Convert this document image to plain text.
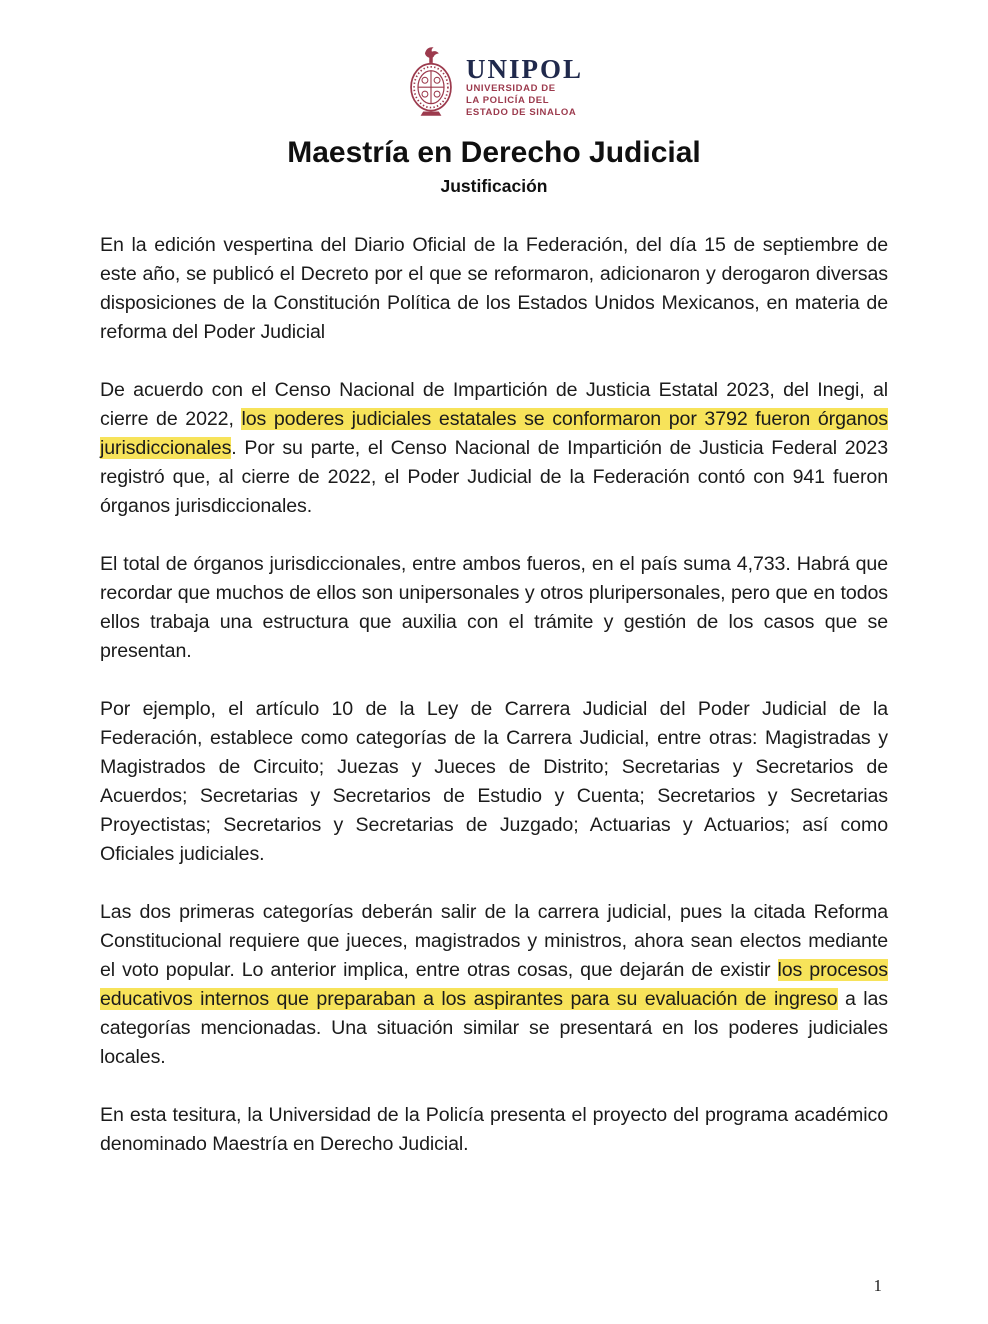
UNIPOL
UNIVERSIDAD DE
LA POLICÍA DEL
ESTADO DE SINALOA
Maestría en Derecho Judicial
Justificación

En la edición vespertina del Diario Oficial de la Federación, del día 15 de septiembre de este año, se publicó el Decreto por el que se reformaron, adicionaron y derogaron diversas disposiciones de la Constitución Política de los Estados Unidos Mexicanos, en materia de reforma del Poder Judicial

De acuerdo con el Censo Nacional de Impartición de Justicia Estatal 2023, del Inegi, al cierre de 2022, los poderes judiciales estatales se conformaron por 3792 fueron órganos jurisdiccionales. Por su parte, el Censo Nacional de Impartición de Justicia Federal 2023 registró que, al cierre de 2022, el Poder Judicial de la Federación contó con 941 fueron órganos jurisdiccionales.

El total de órganos jurisdiccionales, entre ambos fueros, en el país suma 4,733. Habrá que recordar que muchos de ellos son unipersonales y otros pluripersonales, pero que en todos ellos trabaja una estructura que auxilia con el trámite y gestión de los casos que se presentan.

Por ejemplo, el artículo 10 de la Ley de Carrera Judicial del Poder Judicial de la Federación, establece como categorías de la Carrera Judicial, entre otras: Magistradas y Magistrados de Circuito; Juezas y Jueces de Distrito; Secretarias y Secretarios de Acuerdos; Secretarias y Secretarios de Estudio y Cuenta; Secretarios y Secretarias Proyectistas; Secretarios y Secretarias de Juzgado; Actuarias y Actuarios; así como Oficiales judiciales.

Las dos primeras categorías deberán salir de la carrera judicial, pues la citada Reforma Constitucional requiere que jueces, magistrados y ministros, ahora sean electos mediante el voto popular. Lo anterior implica, entre otras cosas, que dejarán de existir los procesos educativos internos que preparaban a los aspirantes para su evaluación de ingreso a las categorías mencionadas. Una situación similar se presentará en los poderes judiciales locales.

En esta tesitura, la Universidad de la Policía presenta el proyecto del programa académico denominado Maestría en Derecho Judicial.

1
